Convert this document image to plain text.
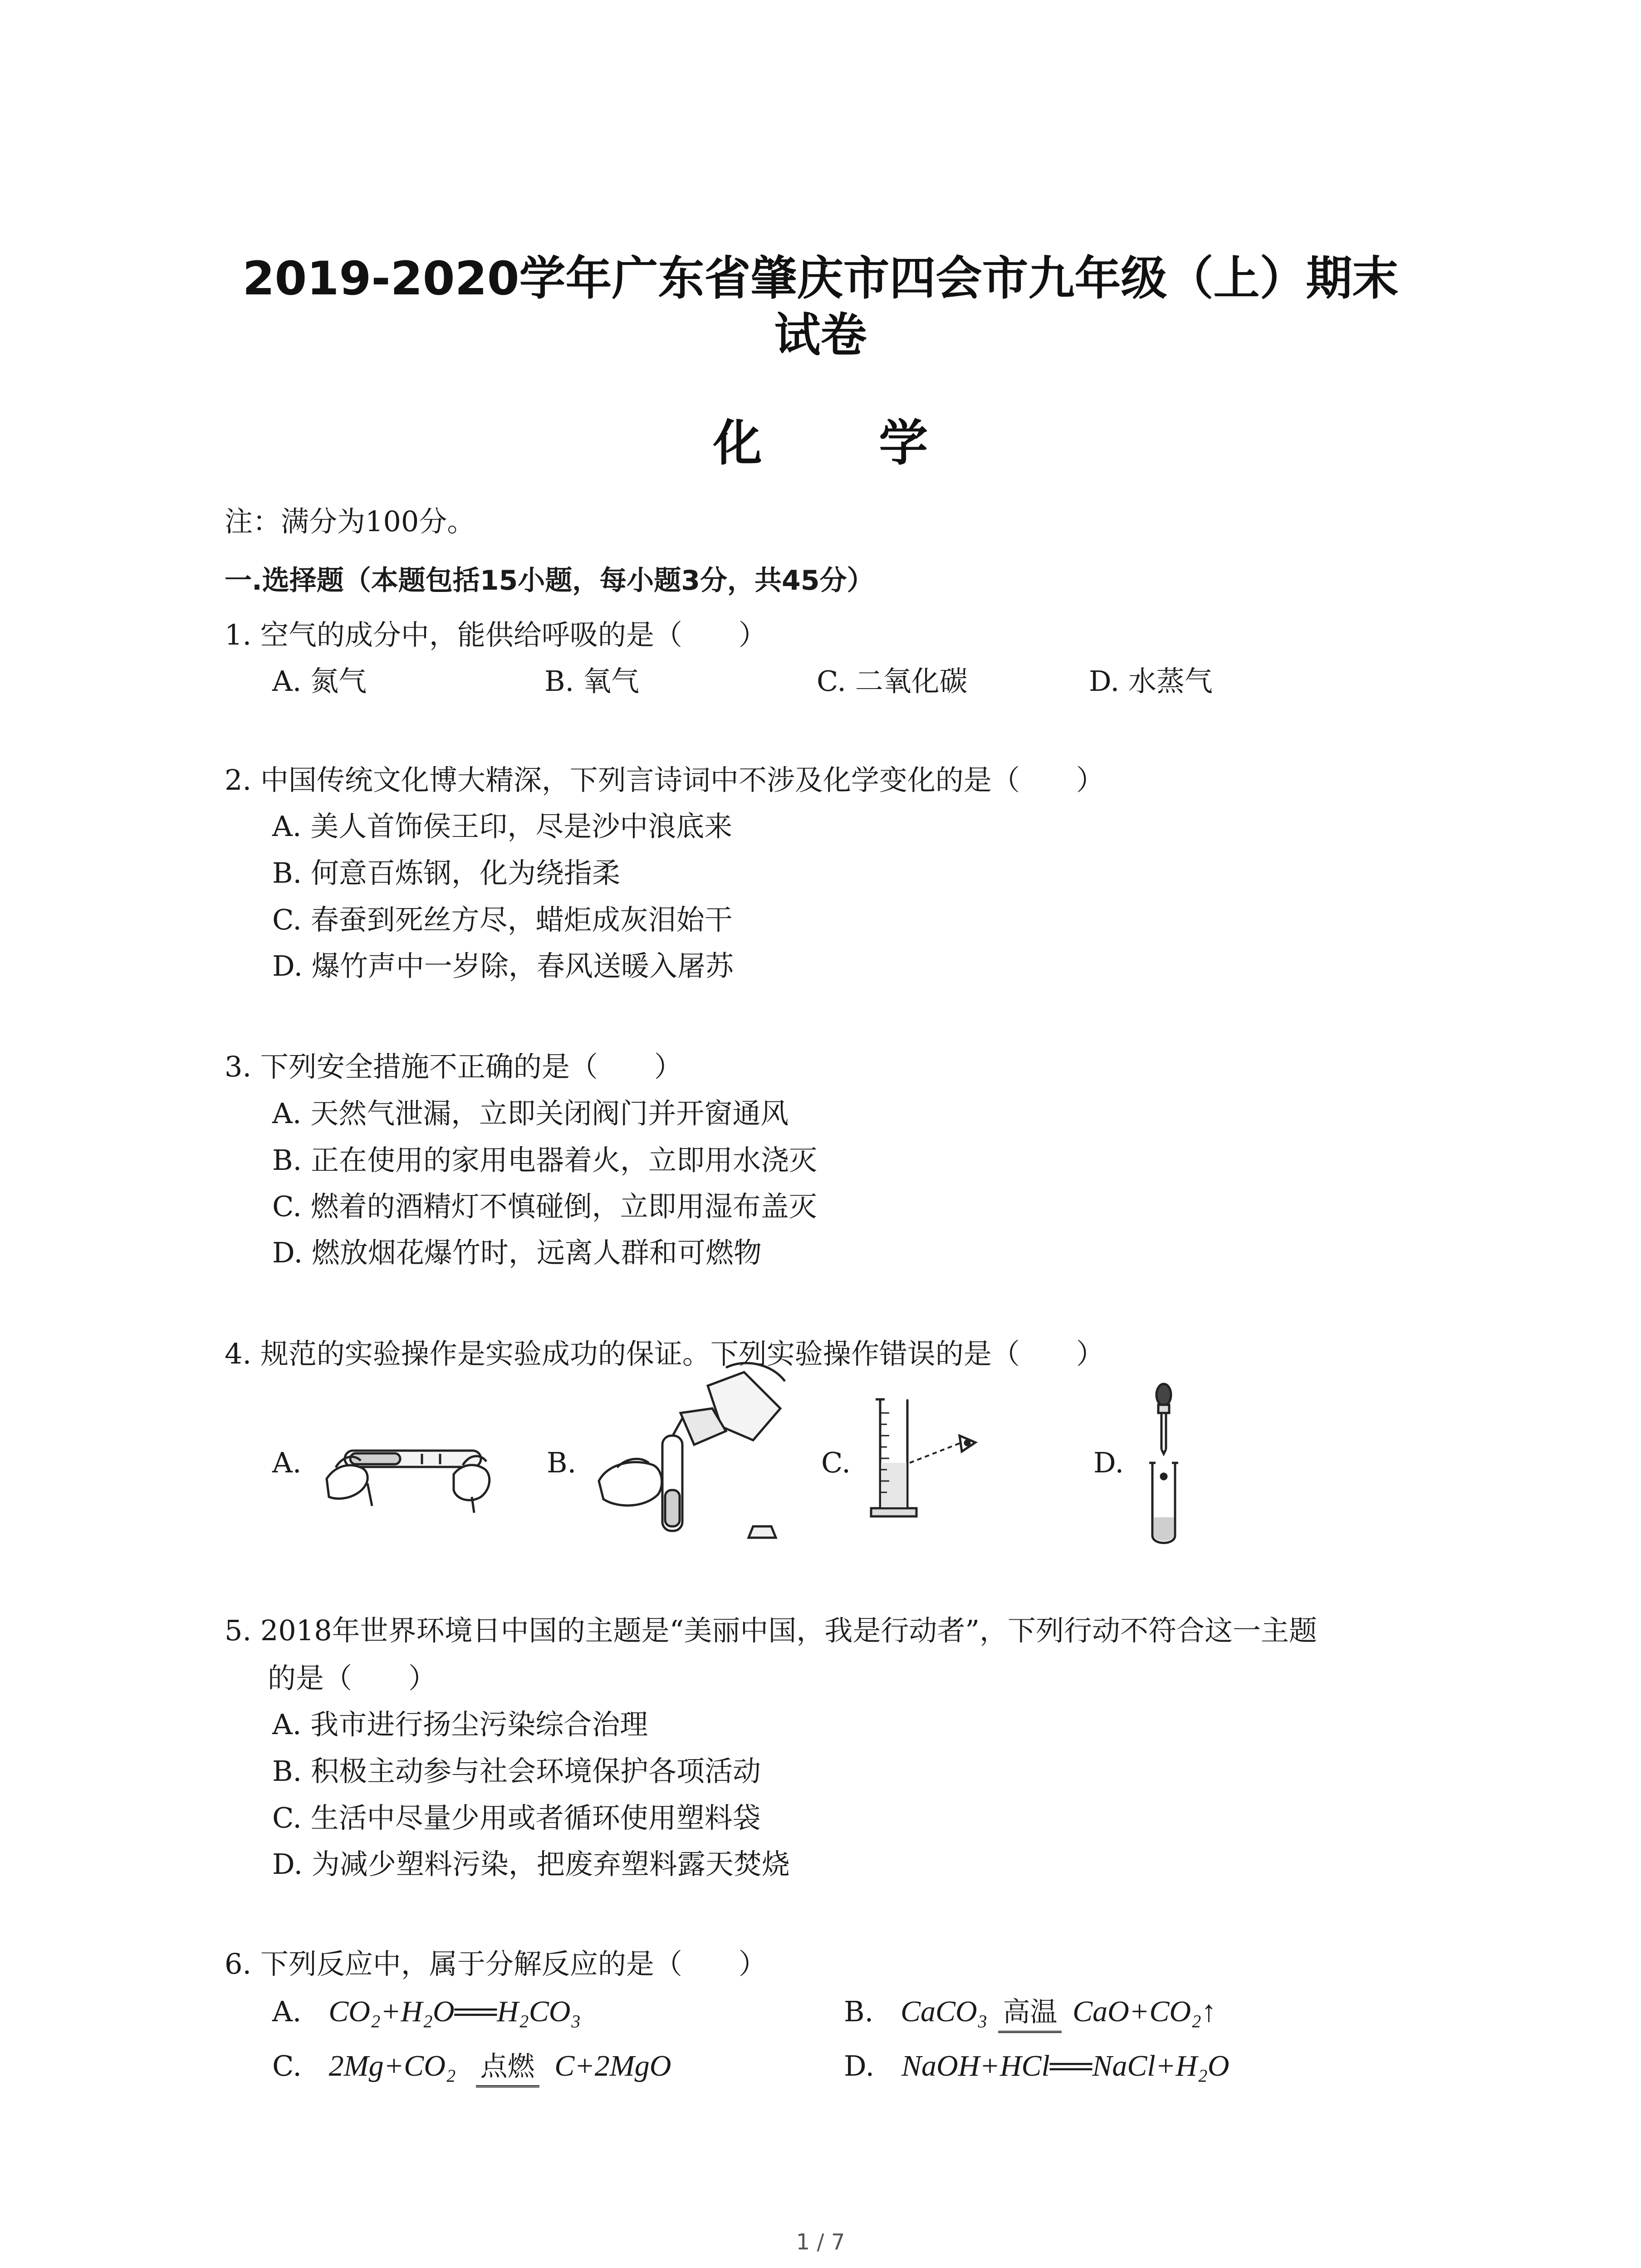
2019-2020学年广东省肇庆市四会市九年级（上）期末
试卷
化 学
注：满分为100分。
一.选择题（本题包括15小题，每小题3分，共45分）
1. 空气的成分中，能供给呼吸的是（　　）
A. 氮气	B. 氧气	C. 二氧化碳	D. 水蒸气
2. 中国传统文化博大精深，下列言诗词中不涉及化学变化的是（　　）
A. 美人首饰侯王印，尽是沙中浪底来
B. 何意百炼钢，化为绕指柔
C. 春蚕到死丝方尽，蜡炬成灰泪始干
D. 爆竹声中一岁除，春风送暖入屠苏
3. 下列安全措施不正确的是（　　）
A. 天然气泄漏，立即关闭阀门并开窗通风
B. 正在使用的家用电器着火，立即用水浇灭
C. 燃着的酒精灯不慎碰倒，立即用湿布盖灭
D. 燃放烟花爆竹时，远离人群和可燃物
4. 规范的实验操作是实验成功的保证。下列实验操作错误的是（　　）
A.	B.	C.	D.
5. 2018年世界环境日中国的主题是“美丽中国，我是行动者”，下列行动不符合这一主题
的是（　　）
A. 我市进行扬尘污染综合治理
B. 积极主动参与社会环境保护各项活动
C. 生活中尽量少用或者循环使用塑料袋
D. 为减少塑料污染，把废弃塑料露天焚烧
6. 下列反应中，属于分解反应的是（　　）
A. CO₂+H₂O══H₂CO₃	B. CaCO₃ 高温 CaO+CO₂↑
C. 2Mg+CO₂ 点燃 C+2MgO	D. NaOH+HCl══NaCl+H₂O
1 / 7
